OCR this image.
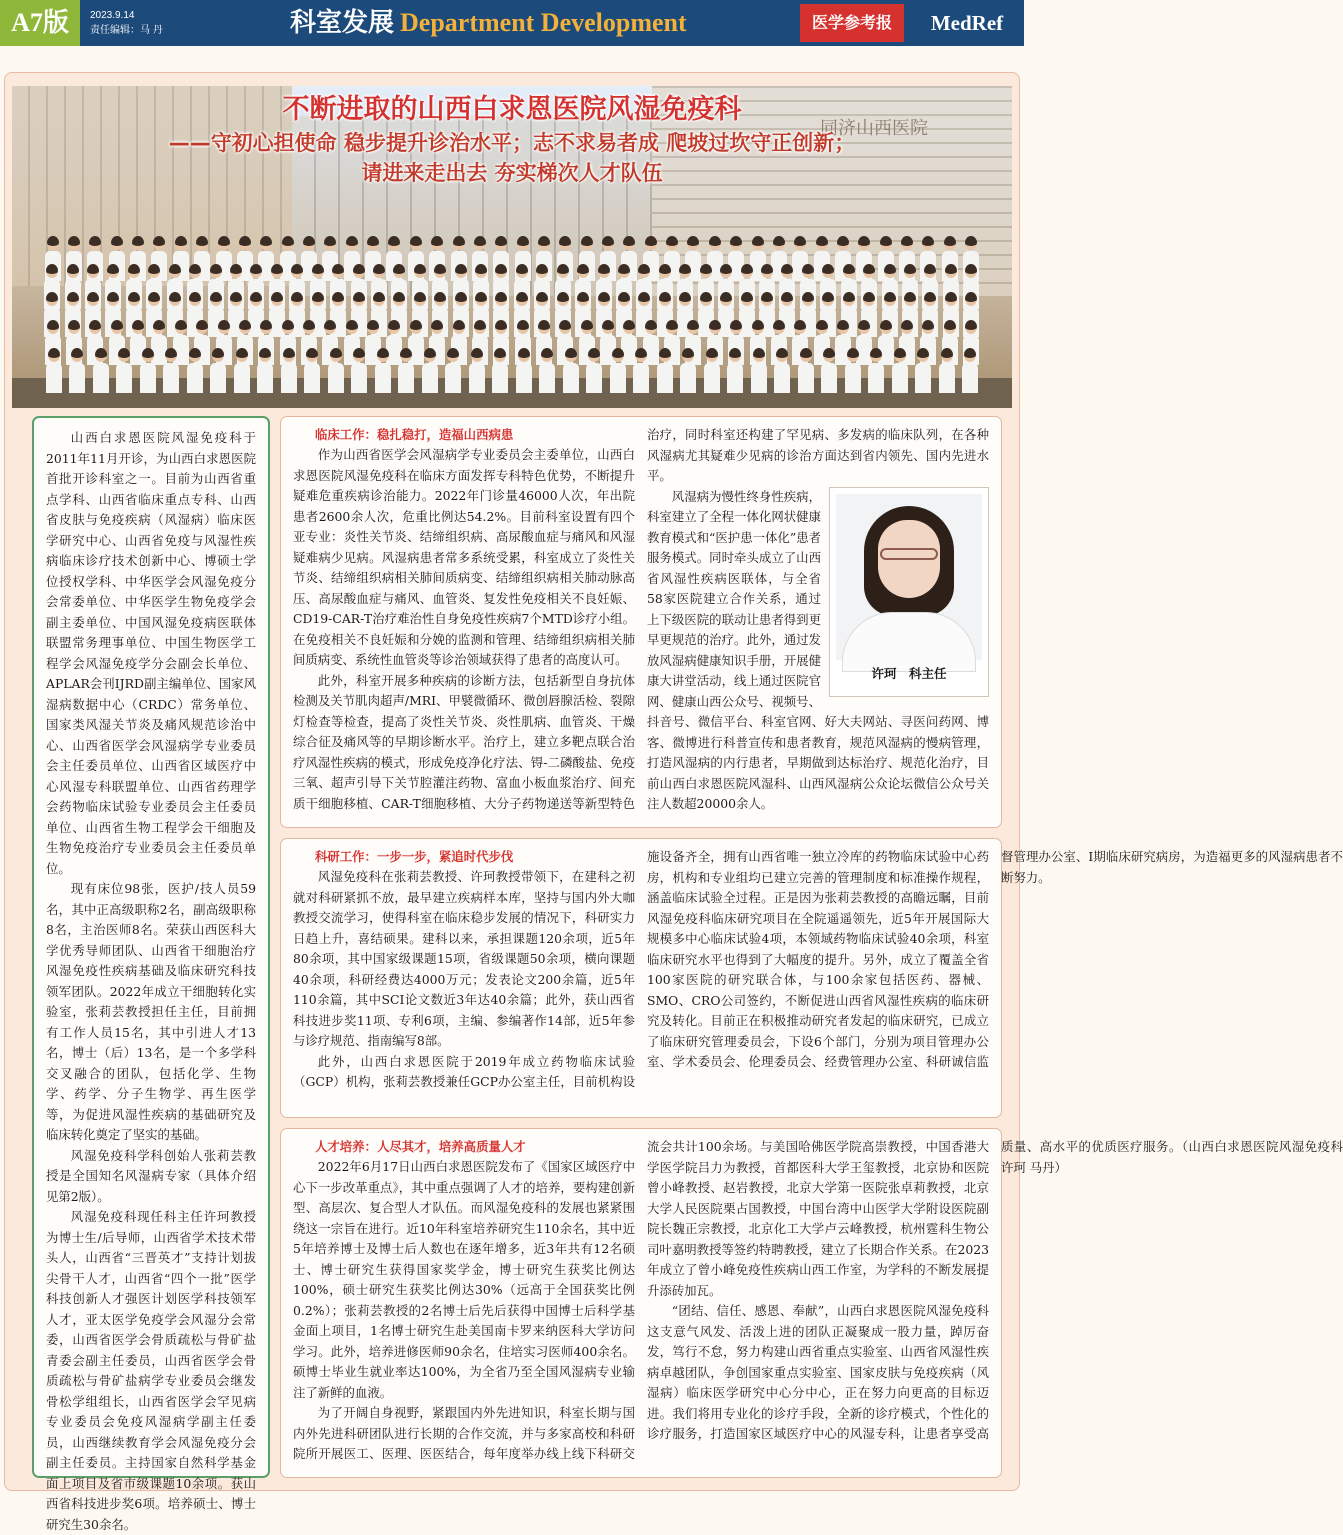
A7版	2023.9.14
责任编辑：马 丹	科室发展 Department Development	医学参考报	MedRef
同济山西医院
不断进取的山西白求恩医院风湿免疫科
——守初心担使命 稳步提升诊治水平；志不求易者成 爬坡过坎守正创新；
请进来走出去 夯实梯次人才队伍

山西白求恩医院风湿免疫科于2011年11月开诊，为山西白求恩医院首批开诊科室之一。目前为山西省重点学科、山西省临床重点专科、山西省皮肤与免疫疾病（风湿病）临床医学研究中心、山西省免疫与风湿性疾病临床诊疗技术创新中心、博硕士学位授权学科、中华医学会风湿免疫分会常委单位、中华医学生物免疫学会副主委单位、中国风湿免疫病医联体联盟常务理事单位、中国生物医学工程学会风湿免疫学分会副会长单位、APLAR会刊IJRD副主编单位、国家风湿病数据中心（CRDC）常务单位、国家类风湿关节炎及痛风规范诊治中心、山西省医学会风湿病学专业委员会主任委员单位、山西省区域医疗中心风湿专科联盟单位、山西省药理学会药物临床试验专业委员会主任委员单位、山西省生物工程学会干细胞及生物免疫治疗专业委员会主任委员单位。

现有床位98张，医护/技人员59名，其中正高级职称2名，副高级职称8名，主治医师8名。荣获山西医科大学优秀导师团队、山西省干细胞治疗风湿免疫性疾病基础及临床研究科技领军团队。2022年成立干细胞转化实验室，张莉芸教授担任主任，目前拥有工作人员15名，其中引进人才13名，博士（后）13名，是一个多学科交叉融合的团队，包括化学、生物学、药学、分子生物学、再生医学等，为促进风湿性疾病的基础研究及临床转化奠定了坚实的基础。

风湿免疫科学科创始人张莉芸教授是全国知名风湿病专家（具体介绍见第2版）。

风湿免疫科现任科主任许珂教授为博士生/后导师，山西省学术技术带头人，山西省“三晋英才”支持计划拔尖骨干人才，山西省“四个一批”医学科技创新人才强医计划医学科技领军人才，亚太医学免疫学会风湿分会常委，山西省医学会骨质疏松与骨矿盐青委会副主任委员，山西省医学会骨质疏松与骨矿盐病学专业委员会继发骨松学组组长，山西省医学会罕见病专业委员会免疫风湿病学副主任委员，山西继续教育学会风湿免疫分会副主任委员。主持国家自然科学基金面上项目及省市级课题10余项。获山西省科技进步奖6项。培养硕士、博士研究生30余名。

临床工作：稳扎稳打，造福山西病患

作为山西省医学会风湿病学专业委员会主委单位，山西白求恩医院风湿免疫科在临床方面发挥专科特色优势，不断提升疑难危重疾病诊治能力。2022年门诊量46000人次，年出院患者2600余人次，危重比例达54.2%。目前科室设置有四个亚专业：炎性关节炎、结缔组织病、高尿酸血症与痛风和风湿疑难病少见病。风湿病患者常多系统受累，科室成立了炎性关节炎、结缔组织病相关肺间质病变、结缔组织病相关肺动脉高压、高尿酸血症与痛风、血管炎、复发性免疫相关不良妊娠、CD19-CAR-T治疗难治性自身免疫性疾病7个MTD诊疗小组。在免疫相关不良妊娠和分娩的监测和管理、结缔组织病相关肺间质病变、系统性血管炎等诊治领域获得了患者的高度认可。

此外，科室开展多种疾病的诊断方法，包括新型自身抗体检测及关节肌肉超声/MRI、甲襞微循环、微创唇腺活检、裂隙灯检查等检查，提高了炎性关节炎、炎性肌病、血管炎、干燥综合征及痛风等的早期诊断水平。治疗上，建立多靶点联合治疗风湿性疾病的模式，形成免疫净化疗法、锝-二磷酸盐、免疫三氧、超声引导下关节腔灌注药物、富血小板血浆治疗、间充质干细胞移植、CAR-T细胞移植、大分子药物递送等新型特色治疗，同时科室还构建了罕见病、多发病的临床队列，在各种风湿病尤其疑难少见病的诊治方面达到省内领先、国内先进水平。

许珂　科主任

风湿病为慢性终身性疾病，科室建立了全程一体化网状健康教育模式和“医护患一体化”患者服务模式。同时牵头成立了山西省风湿性疾病医联体，与全省58家医院建立合作关系，通过上下级医院的联动让患者得到更早更规范的治疗。此外，通过发放风湿病健康知识手册，开展健康大讲堂活动，线上通过医院官网、健康山西公众号、视频号、抖音号、微信平台、科室官网、好大夫网站、寻医问药网、博客、微博进行科普宣传和患者教育，规范风湿病的慢病管理，打造风湿病的内行患者，早期做到达标治疗、规范化治疗，目前山西白求恩医院风湿科、山西风湿病公众论坛微信公众号关注人数超20000余人。

科研工作：一步一步，紧追时代步伐

风湿免疫科在张莉芸教授、许珂教授带领下，在建科之初就对科研紧抓不放，最早建立疾病样本库，坚持与国内外大咖教授交流学习，使得科室在临床稳步发展的情况下，科研实力日趋上升，喜结硕果。建科以来，承担课题120余项，近5年80余项，其中国家级课题15项，省级课题50余项，横向课题40余项，科研经费达4000万元；发表论文200余篇，近5年110余篇，其中SCI论文数近3年达40余篇；此外，获山西省科技进步奖11项、专利6项，主编、参编著作14部，近5年参与诊疗规范、指南编写8部。

此外，山西白求恩医院于2019年成立药物临床试验（GCP）机构，张莉芸教授兼任GCP办公室主任，目前机构设施设备齐全，拥有山西省唯一独立冷库的药物临床试验中心药房，机构和专业组均已建立完善的管理制度和标准操作规程，涵盖临床试验全过程。正是因为张莉芸教授的高瞻远瞩，目前风湿免疫科临床研究项目在全院遥遥领先，近5年开展国际大规模多中心临床试验4项，本领域药物临床试验40余项，科室临床研究水平也得到了大幅度的提升。另外，成立了覆盖全省100家医院的研究联合体，与100余家包括医药、器械、SMO、CRO公司签约，不断促进山西省风湿性疾病的临床研究及转化。目前正在积极推动研究者发起的临床研究，已成立了临床研究管理委员会，下设6个部门，分别为项目管理办公室、学术委员会、伦理委员会、经费管理办公室、科研诚信监督管理办公室、Ⅰ期临床研究病房，为造福更多的风湿病患者不断努力。

人才培养：人尽其才，培养高质量人才

2022年6月17日山西白求恩医院发布了《国家区域医疗中心下一步改革重点》，其中重点强调了人才的培养，要构建创新型、高层次、复合型人才队伍。而风湿免疫科的发展也紧紧围绕这一宗旨在进行。近10年科室培养研究生110余名，其中近5年培养博士及博士后人数也在逐年增多，近3年共有12名硕士、博士研究生获得国家奖学金，博士研究生获奖比例达100%，硕士研究生获奖比例达30%（远高于全国获奖比例0.2%）；张莉芸教授的2名博士后先后获得中国博士后科学基金面上项目，1名博士研究生赴美国南卡罗来纳医科大学访问学习。此外，培养进修医师90余名，住培实习医师400余名。硕博士毕业生就业率达100%，为全省乃至全国风湿病专业输注了新鲜的血液。

为了开阔自身视野，紧跟国内外先进知识，科室长期与国内外先进科研团队进行长期的合作交流，并与多家高校和科研院所开展医工、医理、医医结合，每年度举办线上线下科研交流会共计100余场。与美国哈佛医学院高崇教授，中国香港大学医学院吕力为教授，首都医科大学王玺教授，北京协和医院曾小峰教授、赵岩教授，北京大学第一医院张卓莉教授，北京大学人民医院栗占国教授，中国台湾中山医学大学附设医院副院长魏正宗教授，北京化工大学卢云峰教授，杭州霆科生物公司叶嘉明教授等签约特聘教授，建立了长期合作关系。在2023年成立了曾小峰免疫性疾病山西工作室，为学科的不断发展提升添砖加瓦。

“团结、信任、感恩、奉献”，山西白求恩医院风湿免疫科这支意气风发、活泼上进的团队正凝聚成一股力量，踔厉奋发，笃行不怠，努力构建山西省重点实验室、山西省风湿性疾病卓越团队，争创国家重点实验室、国家皮肤与免疫疾病（风湿病）临床医学研究中心分中心，正在努力向更高的目标迈进。我们将用专业化的诊疗手段，全新的诊疗模式，个性化的诊疗服务，打造国家区域医疗中心的风湿专科，让患者享受高质量、高水平的优质医疗服务。（山西白求恩医院风湿免疫科 许珂 马丹）
